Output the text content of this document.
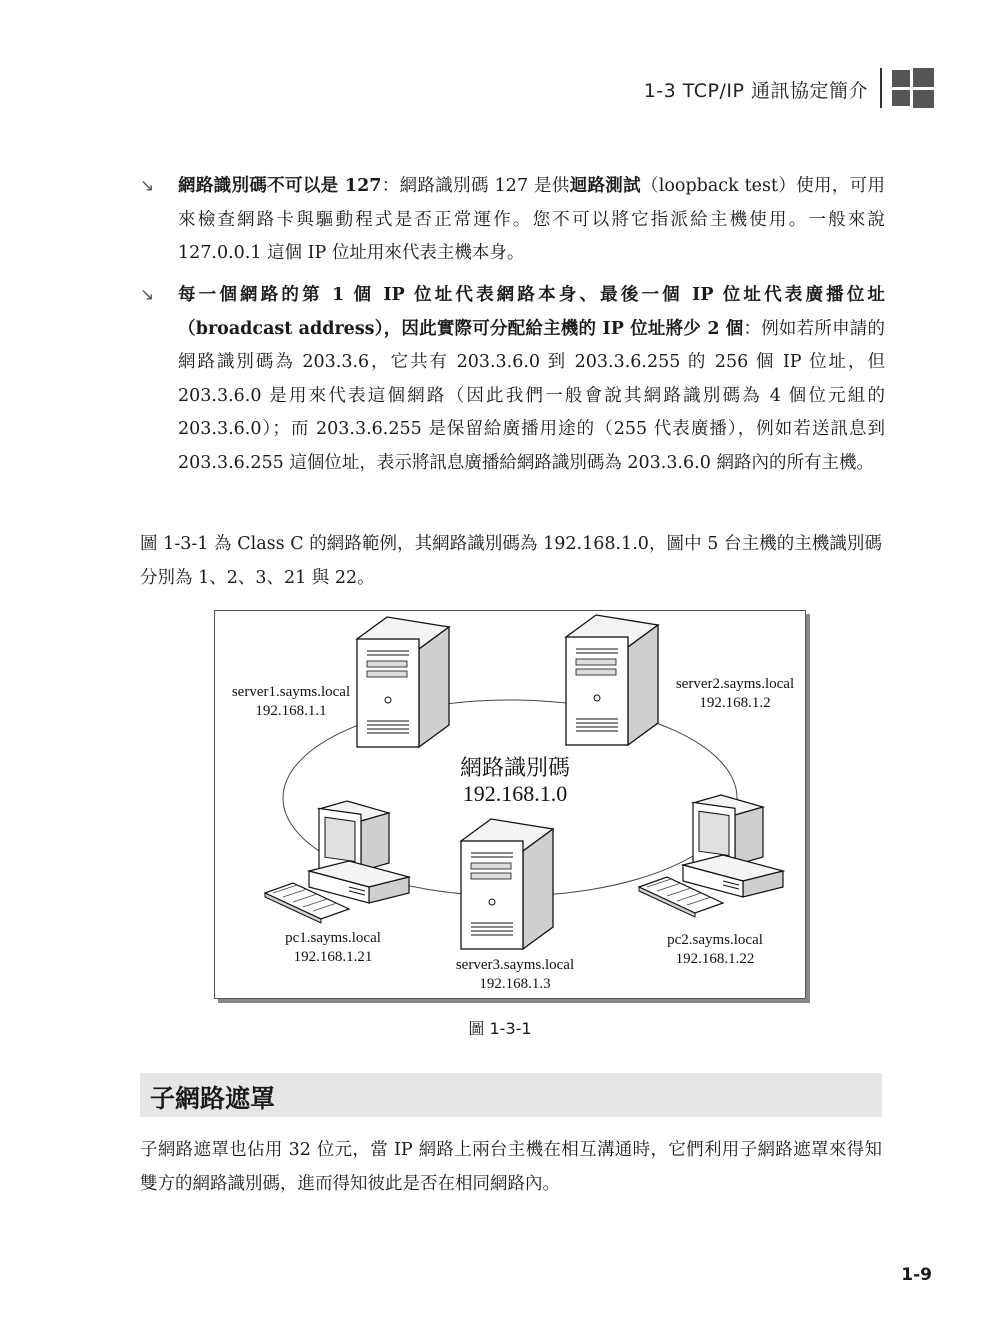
1-3 TCP/IP 通訊協定簡介
↘	網路識別碼不可以是 127：網路識別碼 127 是供迴路測試（loopback test）使用，可用來檢查網路卡與驅動程式是否正常運作。您不可以將它指派給主機使用。一般來說 127.0.0.1 這個 IP 位址用來代表主機本身。
↘	每一個網路的第 1 個 IP 位址代表網路本身、最後一個 IP 位址代表廣播位址（broadcast address），因此實際可分配給主機的 IP 位址將少 2 個：例如若所申請的網路識別碼為 203.3.6，它共有 203.3.6.0 到 203.3.6.255 的 256 個 IP 位址，但 203.3.6.0 是用來代表這個網路（因此我們一般會說其網路識別碼為 4 個位元組的 203.3.6.0）；而 203.3.6.255 是保留給廣播用途的（255 代表廣播），例如若送訊息到 203.3.6.255 這個位址，表示將訊息廣播給網路識別碼為 203.3.6.0 網路內的所有主機。
圖 1-3-1 為 Class C 的網路範例，其網路識別碼為 192.168.1.0，圖中 5 台主機的主機識別碼分別為 1、2、3、21 與 22。
網路識別碼
192.168.1.0
server1.sayms.local
192.168.1.1
server2.sayms.local
192.168.1.2
server3.sayms.local
192.168.1.3
pc1.sayms.local
192.168.1.21
pc2.sayms.local
192.168.1.22
圖 1-3-1
子網路遮罩
子網路遮罩也佔用 32 位元，當 IP 網路上兩台主機在相互溝通時，它們利用子網路遮罩來得知雙方的網路識別碼，進而得知彼此是否在相同網路內。
1-9
